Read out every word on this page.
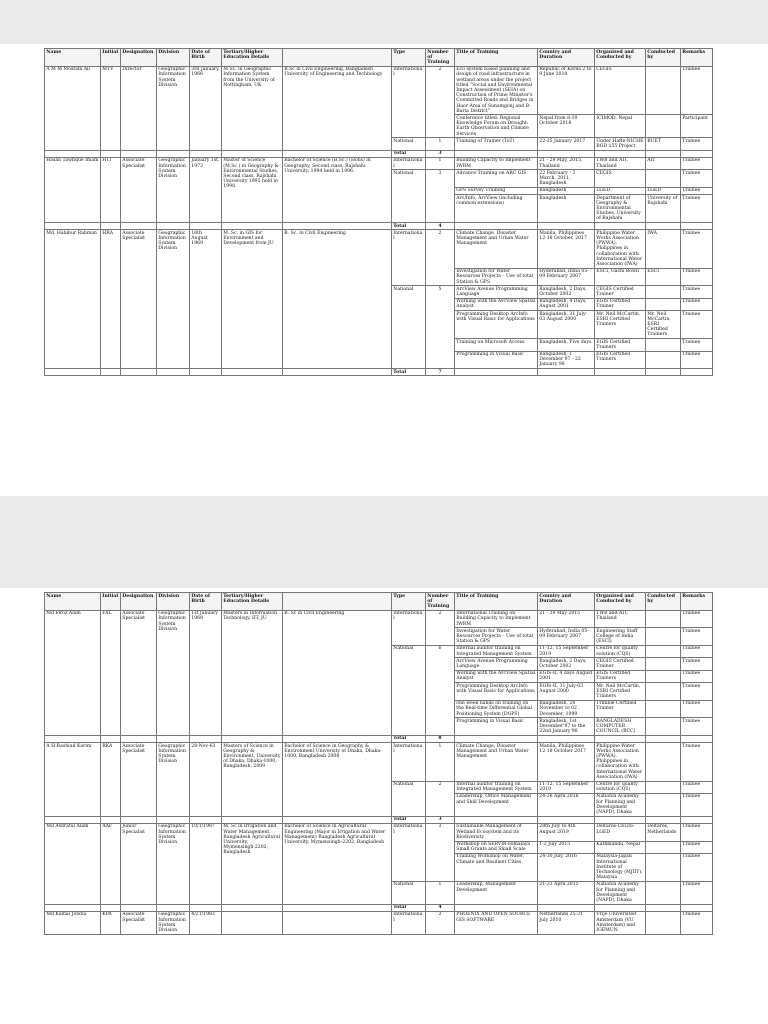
Name	Initial	Designation	Division	Date of Birth	Tertiary/Higher Education Details		Type	Number of Training	Title of Training	Country and Duration	Organized and Conducted by	Conducted by	Remarks
A M M Mostafa Ali	MTV	Director	Geographic Information System Division	3rd January, 1966	M.Sc. in Geographic Information System from the University of Nottingham, UK	B.Sc in Civil Engineering, Bangladesh University of Engineering and Technology	International	2	Eco system based planning and design of road infrastructure in wetland areas under the project titled "Social and Environmental Impact Assessment (SEIA) on Construction of Prime Minister's Committed Roads and Bridges in Haor Area of Sunamgonj and B-Baria District"	Republic of Korea 2 to 9 June 2018	CEGIS		Trainee
									Conference titled: Regional Knowledge Forum on Drought: Earth Observation and Climate Services	Nepal from 8-10 October 2018	ICIMOD, Nepal		Participant
							National	1	Training of Trainer (ToT)	22-25 January 2017	Under Haffe-NICHE BGD 155 Project	BUET	Trainee
							Total	3					
Hasan Tawfique Imam	HTI	Associate Specialist	Geographic Information System Division	January 1st, 1972	Master of Science (M.Sc.) in Geography & Environmental Studies, Second class, Rajshahi University 1995 held in 1998.	Bachelor of Science (B.Sc.) (Hons) in Geography, Second class, Rajshahi University, 1994 held in 1996.	International	1	Building Capacity to Implement IWRM	21 - 29 May, 2015, Thailand	TWB and AIT, Thailand	AIT	Trainee
							National	3	Advance Training on ARC GIS	22 February - 3 March, 2011, Bangladesh	CEGIS		Trainee
									GPS Survey Training	Bangladesh	LGED	LGED	Trainee
									Arc/Info, ArcView (including common extensions)	Bangladesh	Department of Geography & Environmental Studies, University of Rajshahi	University of Rajshahi	Trainee
							Total	4					
Md. Habibur Rahman	HRA	Associate Specialist	Geographic Information System Division	16th August 1969	M. Sc. in GIS for Environment and Development from JU	B. Sc. in Civil Engineering	International	2	Climate Change, Disaster Management and Urban Water Management	Manila, Philippines 12-18 October, 2017	Philippine Water Works Association (PWWA), Philippines in collaboration with International Water Association (IWA)	IWA	Trainee
									Investigation for Water Resources Projects – Use of total Station & GPS	Hyderabad, India 05-09 February 2007	ESCI, Gachi Bowli	ESCI	Trainee
							National	5	ArcView Avenue Programming Language	Bangladesh, 2 Days, October 2002	CEGIS Certified Trainer		Trainee
									Working with the ArcView Spatial Analyst	Bangladesh, 4 Days, August 2001	EGIS Certified Trainer		Trainee
									Programming Desktop ArcInfo with Visual Basic for Applications	Bangladesh, 31 July-03 August 2000	Mr. Neil McCartin, ESRI Certified Trainers	Mr. Neil McCartin, ESRI Certified Trainers	Trainee
									Training on Microsoft Access	Bangladesh, Five days	EGIS Certified Trainers		Trainee
									Programming in Visual Basic	Bangladesh, 1 December 97 - 22 January 98	EGIS Certified Trainers		Trainee
							Total	7					
Name	Initial	Designation	Division	Date of Birth	Tertiary/Higher Education Details		Type	Number of Training	Title of Training	Country and Duration	Organized and Conducted by	Conducted by	Remarks
Md Firoz Alam	FAL	Associate Specialist	Geographic Information System Division	1st January 1968	Masters in Information Technology, IIT, JU	B. Sc in Civil Engineering	International	2	International Training on Building Capacity to Implement IWRM	21 - 29 May 2015	TWB and AIT, Thailand		Trainee
									Investigation for Water Resources Projects – Use of total Station & GPS	Hyderabad, India 05-09 February 2007	Engineering Staff College of India (ESCI)		Trainee
							National	6	Internal auditor training on Integrated Management System	11-12, 15 September 2019	Centre for quality solution (CQS)		Trainee
									ArcView Avenue Programming Language	Bangladesh, 2 Days, October 2002	CEGIS Certified Trainer		Trainee
									Working with the ArcView Spatial Analyst	EGIS-II, 4 days August 2001	EGIS Certified Trainers		Trainee
									Programming Desktop ArcInfo with Visual Basic for Applications	EGIS-II, 31 July-03 August 2000	Mr. Neil McCartin, ESRI Certified Trainers		Trainee
									one week hands on training on the Real-time Differential Global Positioning System (DGPS)	Bangladesh, 28 November to 02 December, 1999	Trimble Certified Trainer		Trainee
									Programming in Visual Basic	Bangladesh, 1st December'97 to the 22nd January'98	BANGLADESH COMPUTER COUNCIL (BCC)		Trainee
							Total	8					
A H Rashiud Karim	RKA	Associate Specialist	Geographic Information System Division	28-Nov-63	Masters of Science in Geography & Environment, University of Dhaka, Dhaka-1000, Bangladesh, 2009	Bachelor of Science in Geography & Environment University of Dhaka, Dhaka-1000, Bangladesh 2008	International	1	Climate Change, Disaster Management and Urban Water Management	Manila, Philippines 12-18 October 2017	Philippine Water Works Association (PWWA), Philippines in collaboration with International Water Association (IWA)		Trainee
							National	2	Internal auditor training on Integrated Management System	11-12, 15 September 2019	Centre for quality solution (CQS)		Trainee
									Leadership, Office Management and Skill Development	24-26 April 2016	National Academy for Planning and Development (NAPD), Dhaka		Trainee
							Total	3					
Md Ashraful Alam	AAF	Junior Specialist	Geographic Information System Division	10/1/1987	M. Sc in Irrigation and Water Management, Bangladesh Agricultural University, Mymensingh-2202, Bangladesh	Bachelor of Science in Agricultural Engineering (Major in Irrigation and Water Management) Bangladesh Agricultural University, Mymensingh-2202, Bangladesh	International	3	Sustainable Management of Wetland Ecosystem and its Biodiversity	28th July to 4th August 2019	Deltares-CEGIS-LGED	Deltares, Netherlands	Trainee
									Workshop on SERVIR-Himalaya Small Grants and Small Scale	1-2 July 2015	Kathmandu, Nepal		Trainee
									Training Workshop on Water, Climate and Resilient Cities	24-30 July, 2016	Malaysia-Japan International Institute of Technology (MJIIT), Malaysia		Trainee
							National	1	Leadership, Management Development	21-23 April 2015	National Academy for Planning and Development (NAPD), Dhaka		Trainee
							Total	4					
Md Kamal Jondia	KPA	Associate Specialist	Geographic Information System Division	4/21/1983			International	2	PHOENIX AND OPEN SOURCE GIS SOFTWARE	Netherlands 25-31 July 2010	Vrije Universiteit Amsterdam (VU Amsterdam) and IGEMUN		Trainee
